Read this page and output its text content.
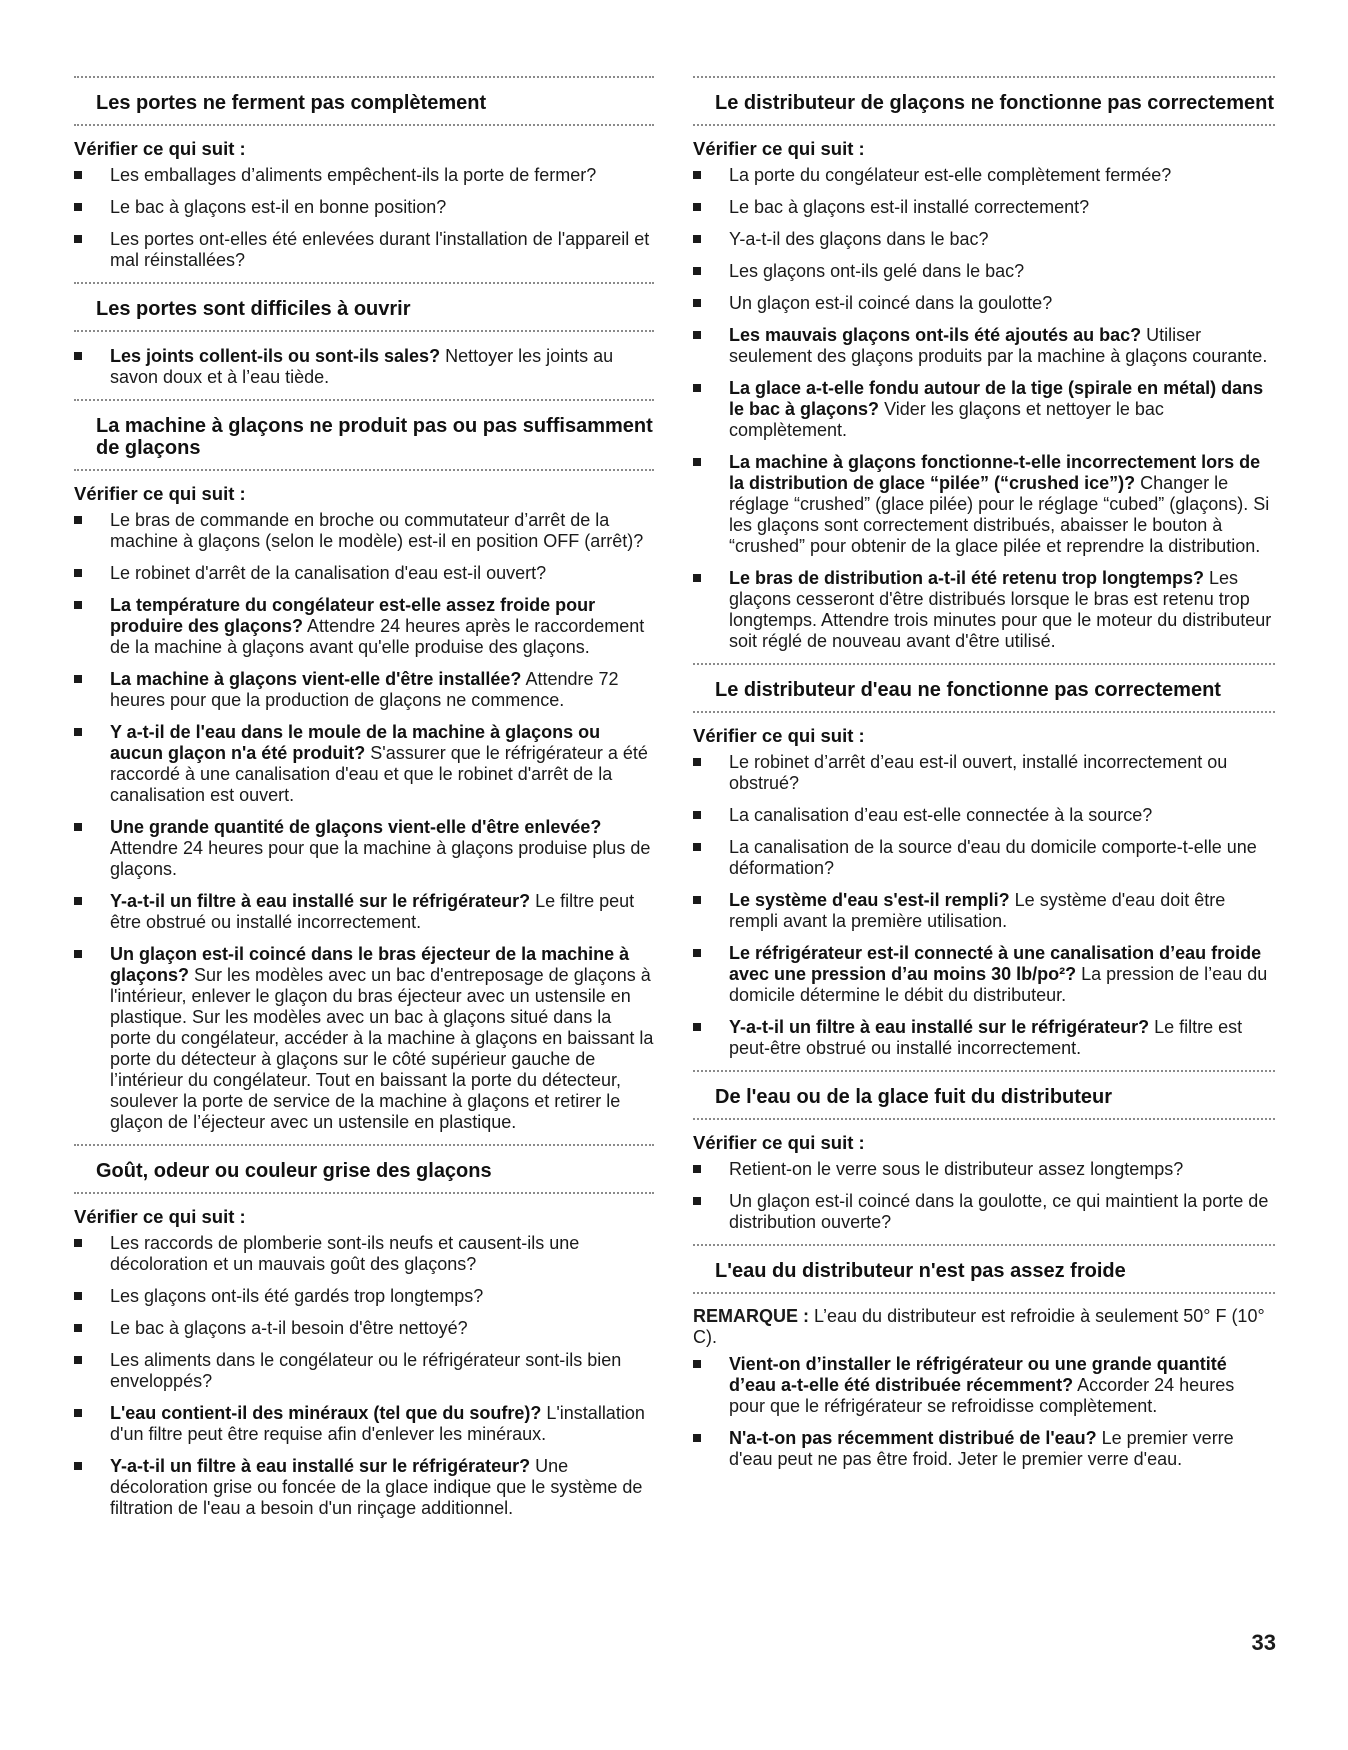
Les portes ne ferment pas complètement
Vérifier ce qui suit :
Les emballages d’aliments empêchent-ils la porte de fermer?
Le bac à glaçons est-il en bonne position?
Les portes ont-elles été enlevées durant l'installation de l'appareil et mal réinstallées?
Les portes sont difficiles à ouvrir
Les joints collent-ils ou sont-ils sales? Nettoyer les joints au savon doux et à l’eau tiède.
La machine à glaçons ne produit pas ou pas suffisamment de glaçons
Vérifier ce qui suit :
Le bras de commande en broche ou commutateur d’arrêt de la machine à glaçons (selon le modèle) est-il en position OFF (arrêt)?
Le robinet d'arrêt de la canalisation d'eau est-il ouvert?
La température du congélateur est-elle assez froide pour produire des glaçons? Attendre 24 heures après le raccordement de la machine à glaçons avant qu'elle produise des glaçons.
La machine à glaçons vient-elle d'être installée? Attendre 72 heures pour que la production de glaçons ne commence.
Y a-t-il de l'eau dans le moule de la machine à glaçons ou aucun glaçon n'a été produit? S'assurer que le réfrigérateur a été raccordé à une canalisation d'eau et que le robinet d'arrêt de la canalisation est ouvert.
Une grande quantité de glaçons vient-elle d'être enlevée? Attendre 24 heures pour que la machine à glaçons produise plus de glaçons.
Y-a-t-il un filtre à eau installé sur le réfrigérateur? Le filtre peut être obstrué ou installé incorrectement.
Un glaçon est-il coincé dans le bras éjecteur de la machine à glaçons? Sur les modèles avec un bac d'entreposage de glaçons à l'intérieur, enlever le glaçon du bras éjecteur avec un ustensile en plastique. Sur les modèles avec un bac à glaçons situé dans la porte du congélateur, accéder à la machine à glaçons en baissant la porte du détecteur à glaçons sur le côté supérieur gauche de l’intérieur du congélateur. Tout en baissant la porte du détecteur, soulever la porte de service de la machine à glaçons et retirer le glaçon de l’éjecteur avec un ustensile en plastique.
Goût, odeur ou couleur grise des glaçons
Vérifier ce qui suit :
Les raccords de plomberie sont-ils neufs et causent-ils une décoloration et un mauvais goût des glaçons?
Les glaçons ont-ils été gardés trop longtemps?
Le bac à glaçons a-t-il besoin d'être nettoyé?
Les aliments dans le congélateur ou le réfrigérateur sont-ils bien enveloppés?
L'eau contient-il des minéraux (tel que du soufre)? L'installation d'un filtre peut être requise afin d'enlever les minéraux.
Y-a-t-il un filtre à eau installé sur le réfrigérateur? Une décoloration grise ou foncée de la glace indique que le système de filtration de l'eau a besoin d'un rinçage additionnel.
Le distributeur de glaçons ne fonctionne pas correctement
Vérifier ce qui suit :
La porte du congélateur est-elle complètement fermée?
Le bac à glaçons est-il installé correctement?
Y-a-t-il des glaçons dans le bac?
Les glaçons ont-ils gelé dans le bac?
Un glaçon est-il coincé dans la goulotte?
Les mauvais glaçons ont-ils été ajoutés au bac? Utiliser seulement des glaçons produits par la machine à glaçons courante.
La glace a-t-elle fondu autour de la tige (spirale en métal) dans le bac à glaçons? Vider les glaçons et nettoyer le bac complètement.
La machine à glaçons fonctionne-t-elle incorrectement lors de la distribution de glace “pilée” (“crushed ice”)? Changer le réglage “crushed” (glace pilée) pour le réglage “cubed” (glaçons). Si les glaçons sont correctement distribués, abaisser le bouton à “crushed” pour obtenir de la glace pilée et reprendre la distribution.
Le bras de distribution a-t-il été retenu trop longtemps? Les glaçons cesseront d'être distribués lorsque le bras est retenu trop longtemps. Attendre trois minutes pour que le moteur du distributeur soit réglé de nouveau avant d'être utilisé.
Le distributeur d'eau ne fonctionne pas correctement
Vérifier ce qui suit :
Le robinet d’arrêt d’eau est-il ouvert, installé incorrectement ou obstrué?
La canalisation d’eau est-elle connectée à la source?
La canalisation de la source d'eau du domicile comporte-t-elle une déformation?
Le système d'eau s'est-il rempli? Le système d'eau doit être rempli avant la première utilisation.
Le réfrigérateur est-il connecté à une canalisation d’eau froide avec une pression d’au moins 30 lb/po²? La pression de l’eau du domicile détermine le débit du distributeur.
Y-a-t-il un filtre à eau installé sur le réfrigérateur? Le filtre est peut-être obstrué ou installé incorrectement.
De l'eau ou de la glace fuit du distributeur
Vérifier ce qui suit :
Retient-on le verre sous le distributeur assez longtemps?
Un glaçon est-il coincé dans la goulotte, ce qui maintient la porte de distribution ouverte?
L'eau du distributeur n'est pas assez froide
REMARQUE : L’eau du distributeur est refroidie à seulement 50° F (10° C).
Vient-on d’installer le réfrigérateur ou une grande quantité d’eau a-t-elle été distribuée récemment? Accorder 24 heures pour que le réfrigérateur se refroidisse complètement.
N'a-t-on pas récemment distribué de l'eau? Le premier verre d'eau peut ne pas être froid. Jeter le premier verre d'eau.
33
